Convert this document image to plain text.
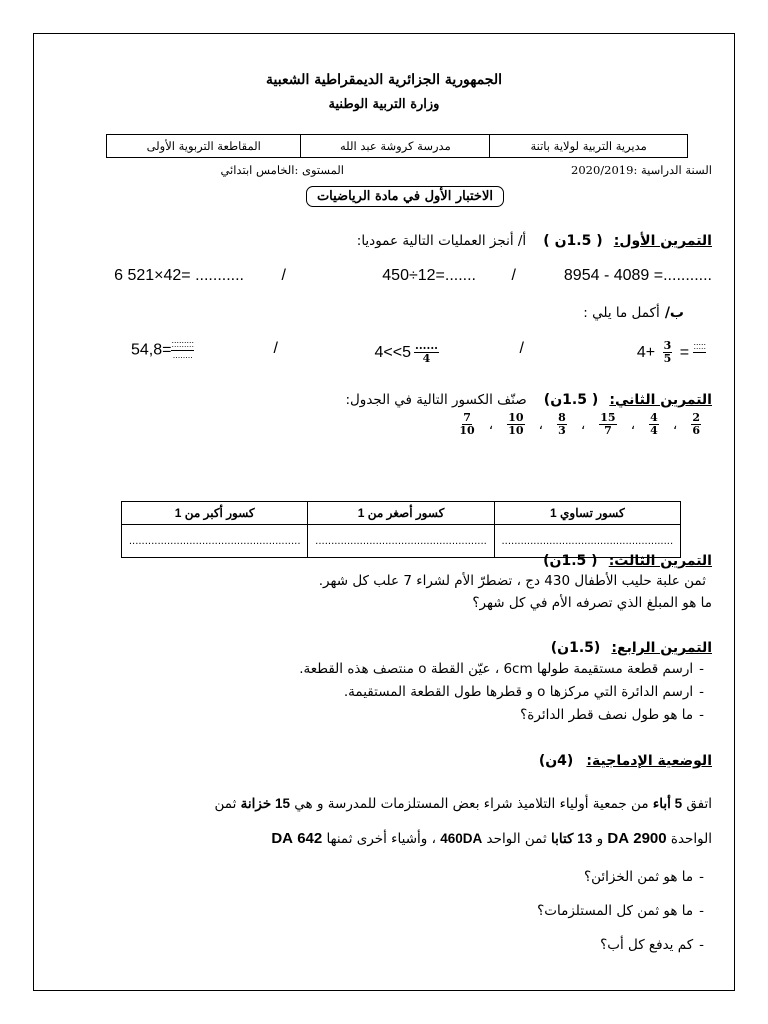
الجمهورية الجزائرية الديمقراطية الشعبية
وزارة التربية الوطنية
مديرية التربية لولاية باتنة	مدرسة كروشة عبد الله	المقاطعة التربوية الأولى
السنة الدراسية :2020/2019
المستوى :الخامس ابتدائي
الاختبار الأول في مادة الرياضيات
التمرين الأول: ( 1.5ن ) أ/ أنجز العمليات التالية عموديا:
8954 - 4089 =...........
/
450÷12=.......
/
6 521×42= ...........
ب/ أكمل ما يلي :
$4+ \frac{3}{5}$ = :::::

/
$4<<5 \frac{......}{4}$
/
54,8= :::::::::
........
التمرين الثاني: ( 1.5ن) صنّف الكسور التالية في الجدول:
$\frac{2}{6}$
،
$\frac{4}{4}$
،
$\frac{15}{7}$
،
$\frac{8}{3}$
،
$\frac{10}{10}$
،
$\frac{7}{10}$
كسور تساوي 1	كسور أصغر من 1	كسور أكبر من 1
......................................................	......................................................	......................................................
التمرين الثالث: ( 1.5ن)
ثمن علبة حليب الأطفال 430 دج ، تضطرّ الأم لشراء 7 علب كل شهر.
ما هو المبلغ الذي تصرفه الأم في كل شهر؟
التمرين الرابع: (1.5ن)
-ارسم قطعة مستقيمة طولها 6cm ، عيّن القطة o منتصف هذه القطعة.
-ارسم الدائرة التي مركزها o و قطرها طول القطعة المستقيمة.
-ما هو طول نصف قطر الدائرة؟
الوضعية الإدماجية: (4ن)
اتفق 5 أباء من جمعية أولياء التلاميذ شراء بعض المستلزمات للمدرسة و هي 15 خزانة ثمن
الواحدة 2900 DA و 13 كتابا ثمن الواحد 460DA ، وأشياء أخرى ثمنها 642 DA
-ما هو ثمن الخزائن؟
-ما هو ثمن كل المستلزمات؟
-كم يدفع كل أب؟
